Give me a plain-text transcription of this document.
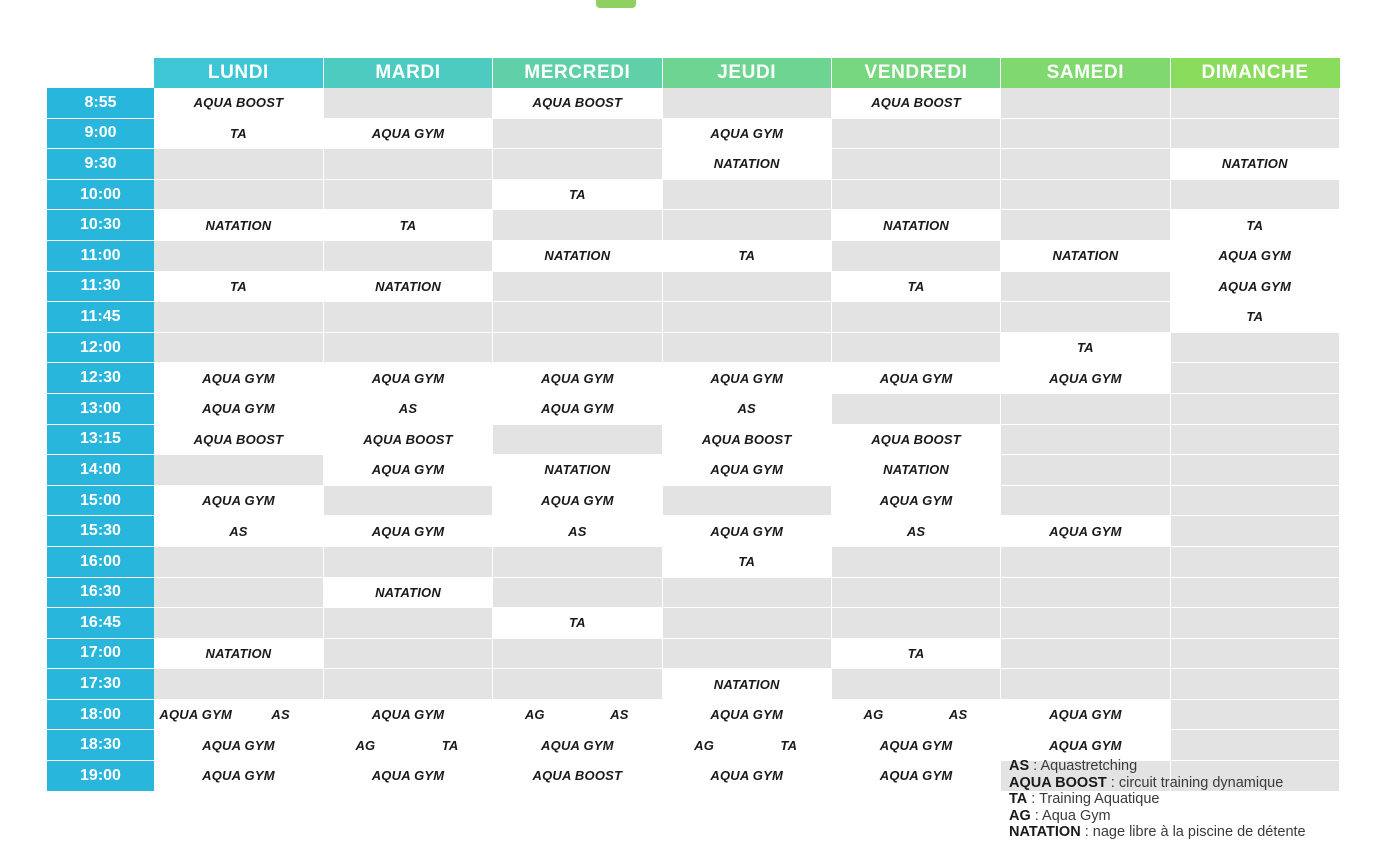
	LUNDI	MARDI	MERCREDI	JEUDI	VENDREDI	SAMEDI	DIMANCHE
8:55	AQUA BOOST		AQUA BOOST		AQUA BOOST		
9:00	TA	AQUA GYM		AQUA GYM			
9:30				NATATION			NATATION
10:00			TA				
10:30	NATATION	TA			NATATION		TA
11:00			NATATION	TA		NATATION	AQUA GYM
11:30	TA	NATATION			TA		AQUA GYM
11:45							TA
12:00						TA	
12:30	AQUA GYM	AQUA GYM	AQUA GYM	AQUA GYM	AQUA GYM	AQUA GYM	
13:00	AQUA GYM	AS	AQUA GYM	AS			
13:15	AQUA BOOST	AQUA BOOST		AQUA BOOST	AQUA BOOST		
14:00		AQUA GYM	NATATION	AQUA GYM	NATATION		
15:00	AQUA GYM		AQUA GYM		AQUA GYM		
15:30	AS	AQUA GYM	AS	AQUA GYM	AS	AQUA GYM	
16:00				TA			
16:30		NATATION					
16:45			TA				
17:00	NATATION				TA		
17:30				NATATION			
18:00	AQUA GYM AS	AQUA GYM	AG AS	AQUA GYM	AG AS	AQUA GYM	
18:30	AQUA GYM	AG TA	AQUA GYM	AG TA	AQUA GYM	AQUA GYM	
19:00	AQUA GYM	AQUA GYM	AQUA BOOST	AQUA GYM	AQUA GYM		
AS : Aquastretching
AQUA BOOST : circuit training dynamique
TA : Training Aquatique
AG : Aqua Gym
NATATION : nage libre à la piscine de détente
